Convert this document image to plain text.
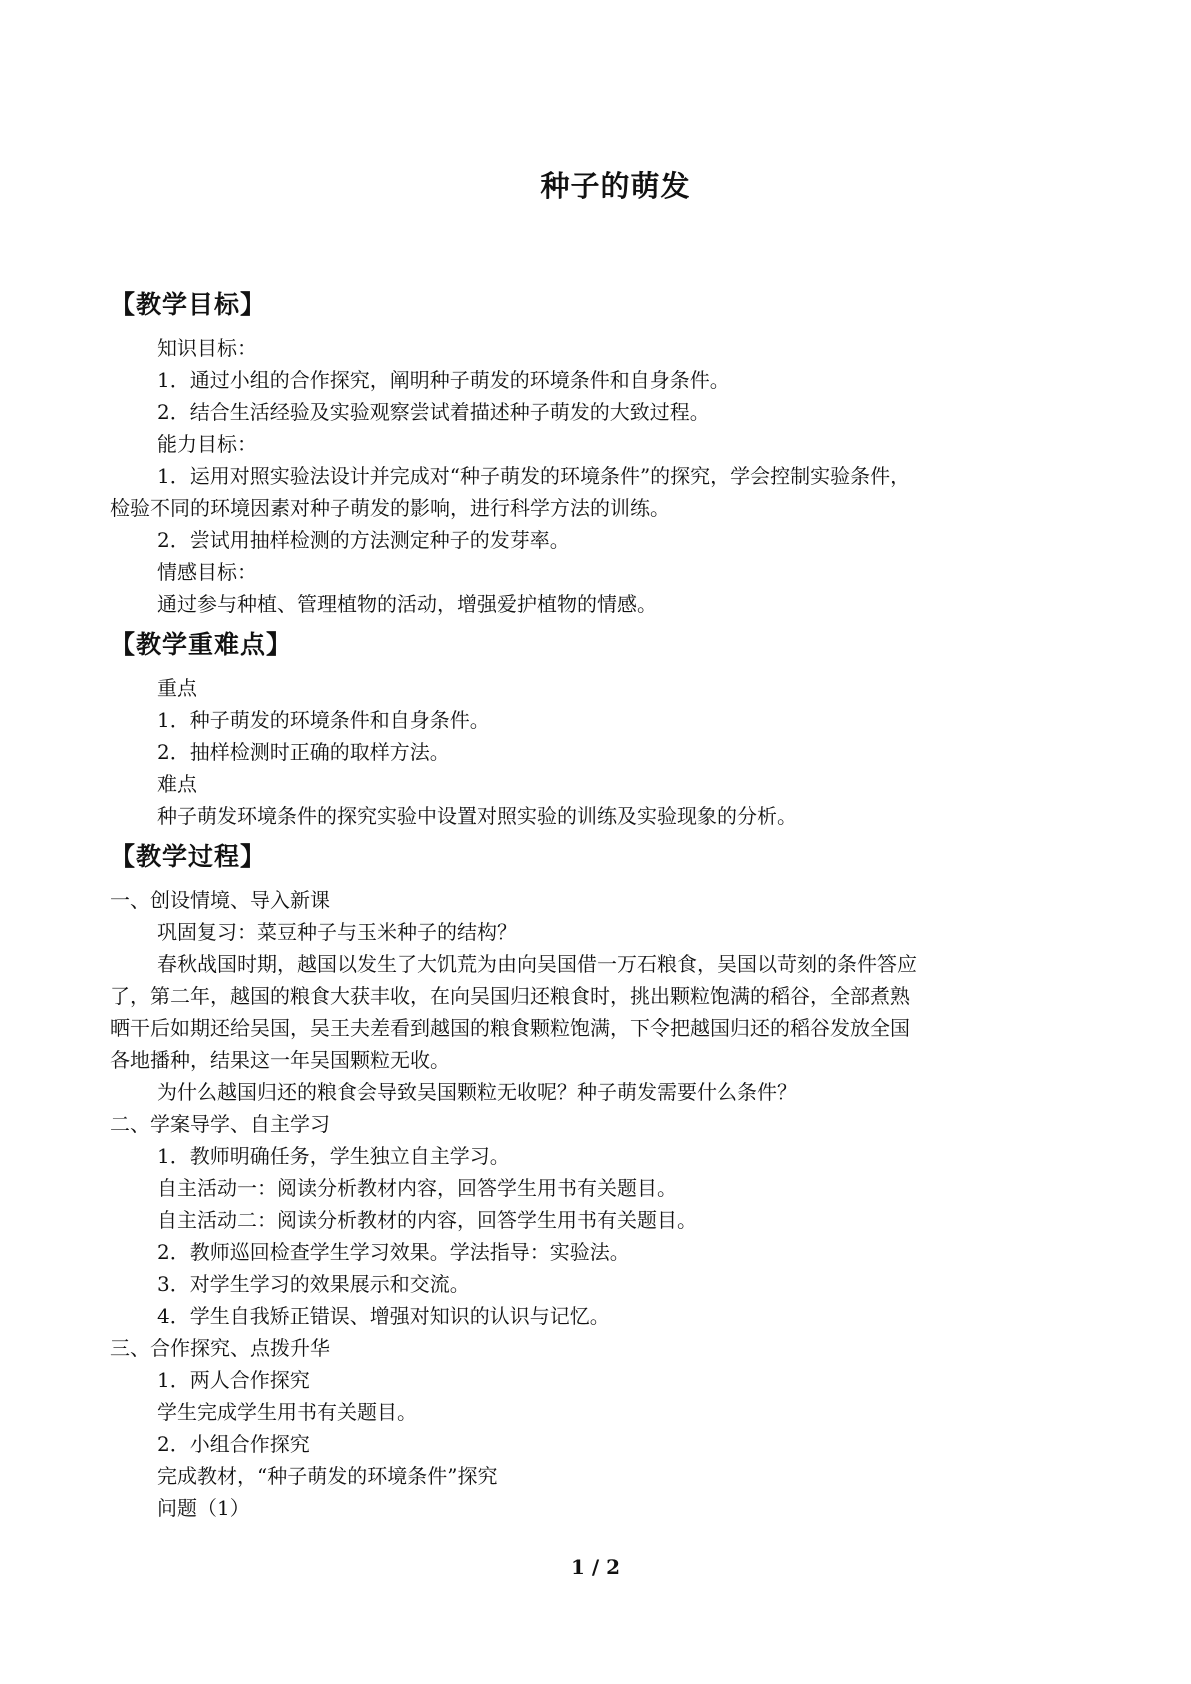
种子的萌发
【教学目标】

知识目标：

1．通过小组的合作探究，阐明种子萌发的环境条件和自身条件。

2．结合生活经验及实验观察尝试着描述种子萌发的大致过程。

能力目标：

1．运用对照实验法设计并完成对“种子萌发的环境条件”的探究，学会控制实验条件，

检验不同的环境因素对种子萌发的影响，进行科学方法的训练。

2．尝试用抽样检测的方法测定种子的发芽率。

情感目标：

通过参与种植、管理植物的活动，增强爱护植物的情感。

【教学重难点】

重点

1．种子萌发的环境条件和自身条件。

2．抽样检测时正确的取样方法。

难点

种子萌发环境条件的探究实验中设置对照实验的训练及实验现象的分析。

【教学过程】

一、创设情境、导入新课

巩固复习：菜豆种子与玉米种子的结构？

春秋战国时期，越国以发生了大饥荒为由向吴国借一万石粮食，吴国以苛刻的条件答应

了，第二年，越国的粮食大获丰收，在向吴国归还粮食时，挑出颗粒饱满的稻谷，全部煮熟

晒干后如期还给吴国，吴王夫差看到越国的粮食颗粒饱满，下令把越国归还的稻谷发放全国

各地播种，结果这一年吴国颗粒无收。

为什么越国归还的粮食会导致吴国颗粒无收呢？种子萌发需要什么条件？

二、学案导学、自主学习

1．教师明确任务，学生独立自主学习。

自主活动一：阅读分析教材内容，回答学生用书有关题目。

自主活动二：阅读分析教材的内容，回答学生用书有关题目。

2．教师巡回检查学生学习效果。学法指导：实验法。

3．对学生学习的效果展示和交流。

4．学生自我矫正错误、增强对知识的认识与记忆。

三、合作探究、点拨升华

1．两人合作探究

学生完成学生用书有关题目。

2．小组合作探究

完成教材，“种子萌发的环境条件”探究

问题（1）

1 / 2
